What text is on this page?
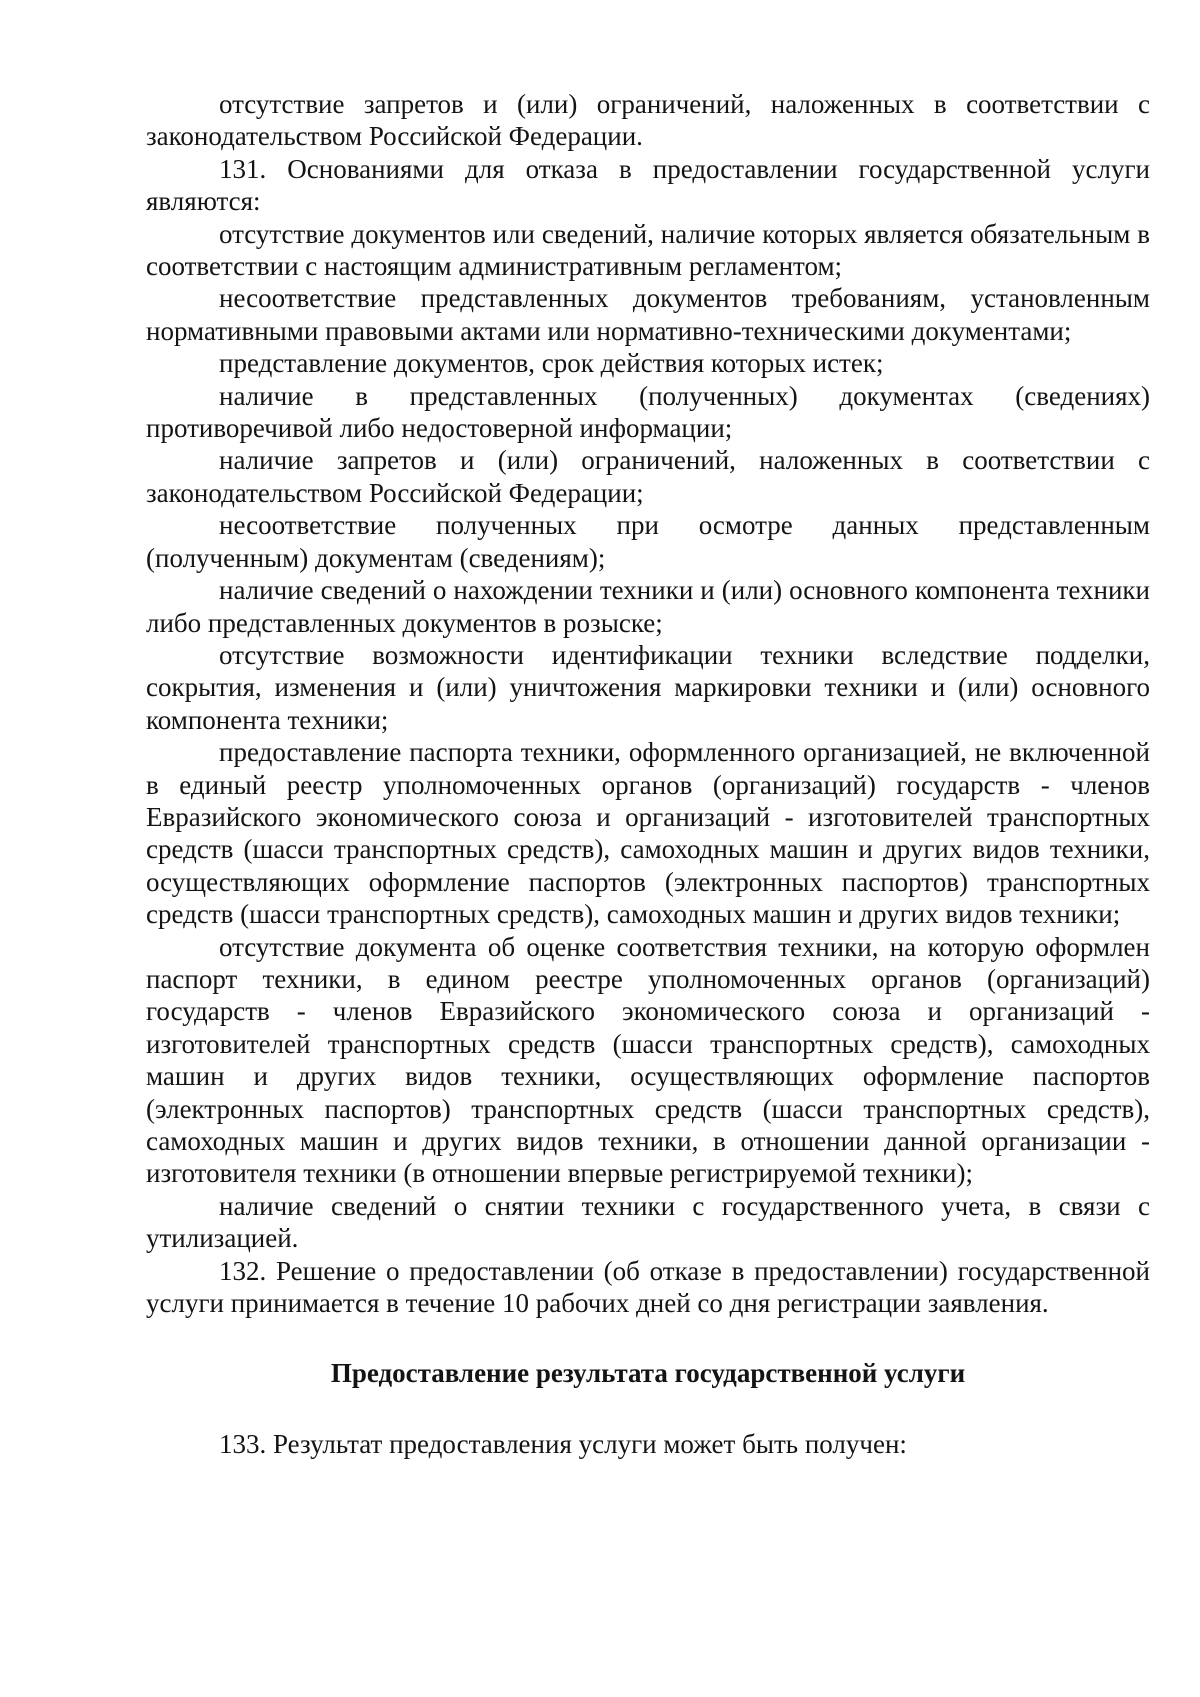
отсутствие запретов и (или) ограничений, наложенных в соответствии с законодательством Российской Федерации.

131. Основаниями для отказа в предоставлении государственной услуги являются:

отсутствие документов или сведений, наличие которых является обязательным в соответствии с настоящим административным регламентом;

несоответствие представленных документов требованиям, установленным нормативными правовыми актами или нормативно-техническими документами;

представление документов, срок действия которых истек;

наличие в представленных (полученных) документах (сведениях) противоречивой либо недостоверной информации;

наличие запретов и (или) ограничений, наложенных в соответствии с законодательством Российской Федерации;

несоответствие полученных при осмотре данных представленным (полученным) документам (сведениям);

наличие сведений о нахождении техники и (или) основного компонента техники либо представленных документов в розыске;

отсутствие возможности идентификации техники вследствие подделки, сокрытия, изменения и (или) уничтожения маркировки техники и (или) основного компонента техники;

предоставление паспорта техники, оформленного организацией, не включенной в единый реестр уполномоченных органов (организаций) государств - членов Евразийского экономического союза и организаций - изготовителей транспортных средств (шасси транспортных средств), самоходных машин и других видов техники, осуществляющих оформление паспортов (электронных паспортов) транспортных средств (шасси транспортных средств), самоходных машин и других видов техники;

отсутствие документа об оценке соответствия техники, на которую оформлен паспорт техники, в едином реестре уполномоченных органов (организаций) государств - членов Евразийского экономического союза и организаций - изготовителей транспортных средств (шасси транспортных средств), самоходных машин и других видов техники, осуществляющих оформление паспортов (электронных паспортов) транспортных средств (шасси транспортных средств), самоходных машин и других видов техники, в отношении данной организации - изготовителя техники (в отношении впервые регистрируемой техники);

наличие сведений о снятии техники с государственного учета, в связи с утилизацией.

132. Решение о предоставлении (об отказе в предоставлении) государственной услуги принимается в течение 10 рабочих дней со дня регистрации заявления.

Предоставление результата государственной услуги

133. Результат предоставления услуги может быть получен:
